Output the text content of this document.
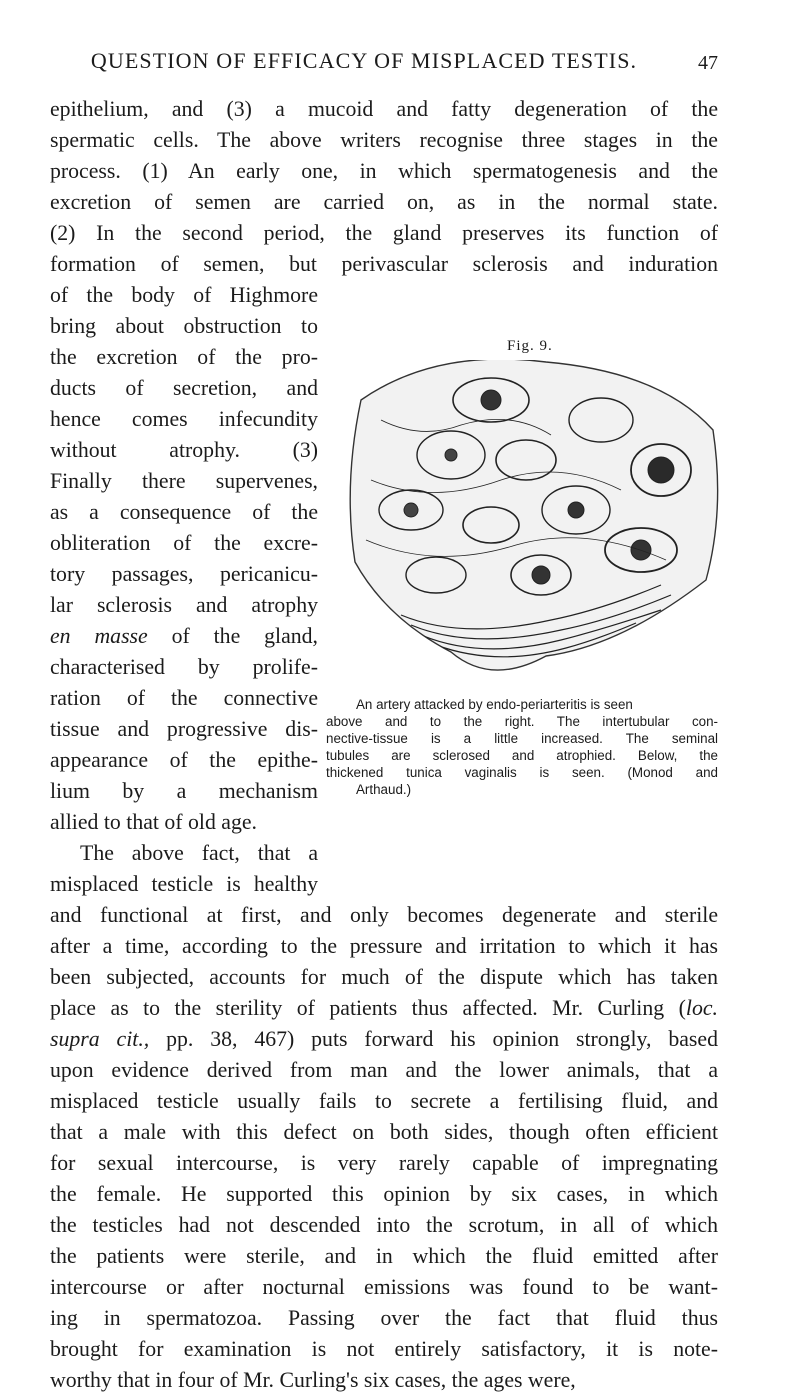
QUESTION OF EFFICACY OF MISPLACED TESTIS.	47
epithelium, and (3) a mucoid and fatty degeneration of the
spermatic cells. The above writers recognise three stages in the
process. (1) An early one, in which spermatogenesis and the
excretion of semen are carried on, as in the normal state.
(2) In the second period, the gland preserves its function of
formation of semen, but perivascular sclerosis and induration
of the body of Highmore
bring about obstruction to
the excretion of the pro-
ducts of secretion, and
hence comes infecundity
without atrophy. (3)
Finally there supervenes,
as a consequence of the
obliteration of the excre-
tory passages, pericanicu-
lar sclerosis and atrophy
en masse of the gland,
characterised by prolife-
ration of the connective
tissue and progressive dis-
appearance of the epithe-
lium by a mechanism
allied to that of old age.
The above fact, that a
misplaced testicle is healthy
Fig. 9.
An artery attacked by endo-periarteritis is seen
above and to the right. The intertubular con-
nective-tissue is a little increased. The seminal
tubules are sclerosed and atrophied. Below, the
thickened tunica vaginalis is seen. (Monod and
Arthaud.)
and functional at first, and only becomes degenerate and sterile
after a time, according to the pressure and irritation to which it has
been subjected, accounts for much of the dispute which has taken
place as to the sterility of patients thus affected. Mr. Curling (loc.
supra cit., pp. 38, 467) puts forward his opinion strongly, based
upon evidence derived from man and the lower animals, that a
misplaced testicle usually fails to secrete a fertilising fluid, and
that a male with this defect on both sides, though often efficient
for sexual intercourse, is very rarely capable of impregnating
the female. He supported this opinion by six cases, in which
the testicles had not descended into the scrotum, in all of which
the patients were sterile, and in which the fluid emitted after
intercourse or after nocturnal emissions was found to be want-
ing in spermatozoa. Passing over the fact that fluid thus
brought for examination is not entirely satisfactory, it is note-
worthy that in four of Mr. Curling's six cases, the ages were,
